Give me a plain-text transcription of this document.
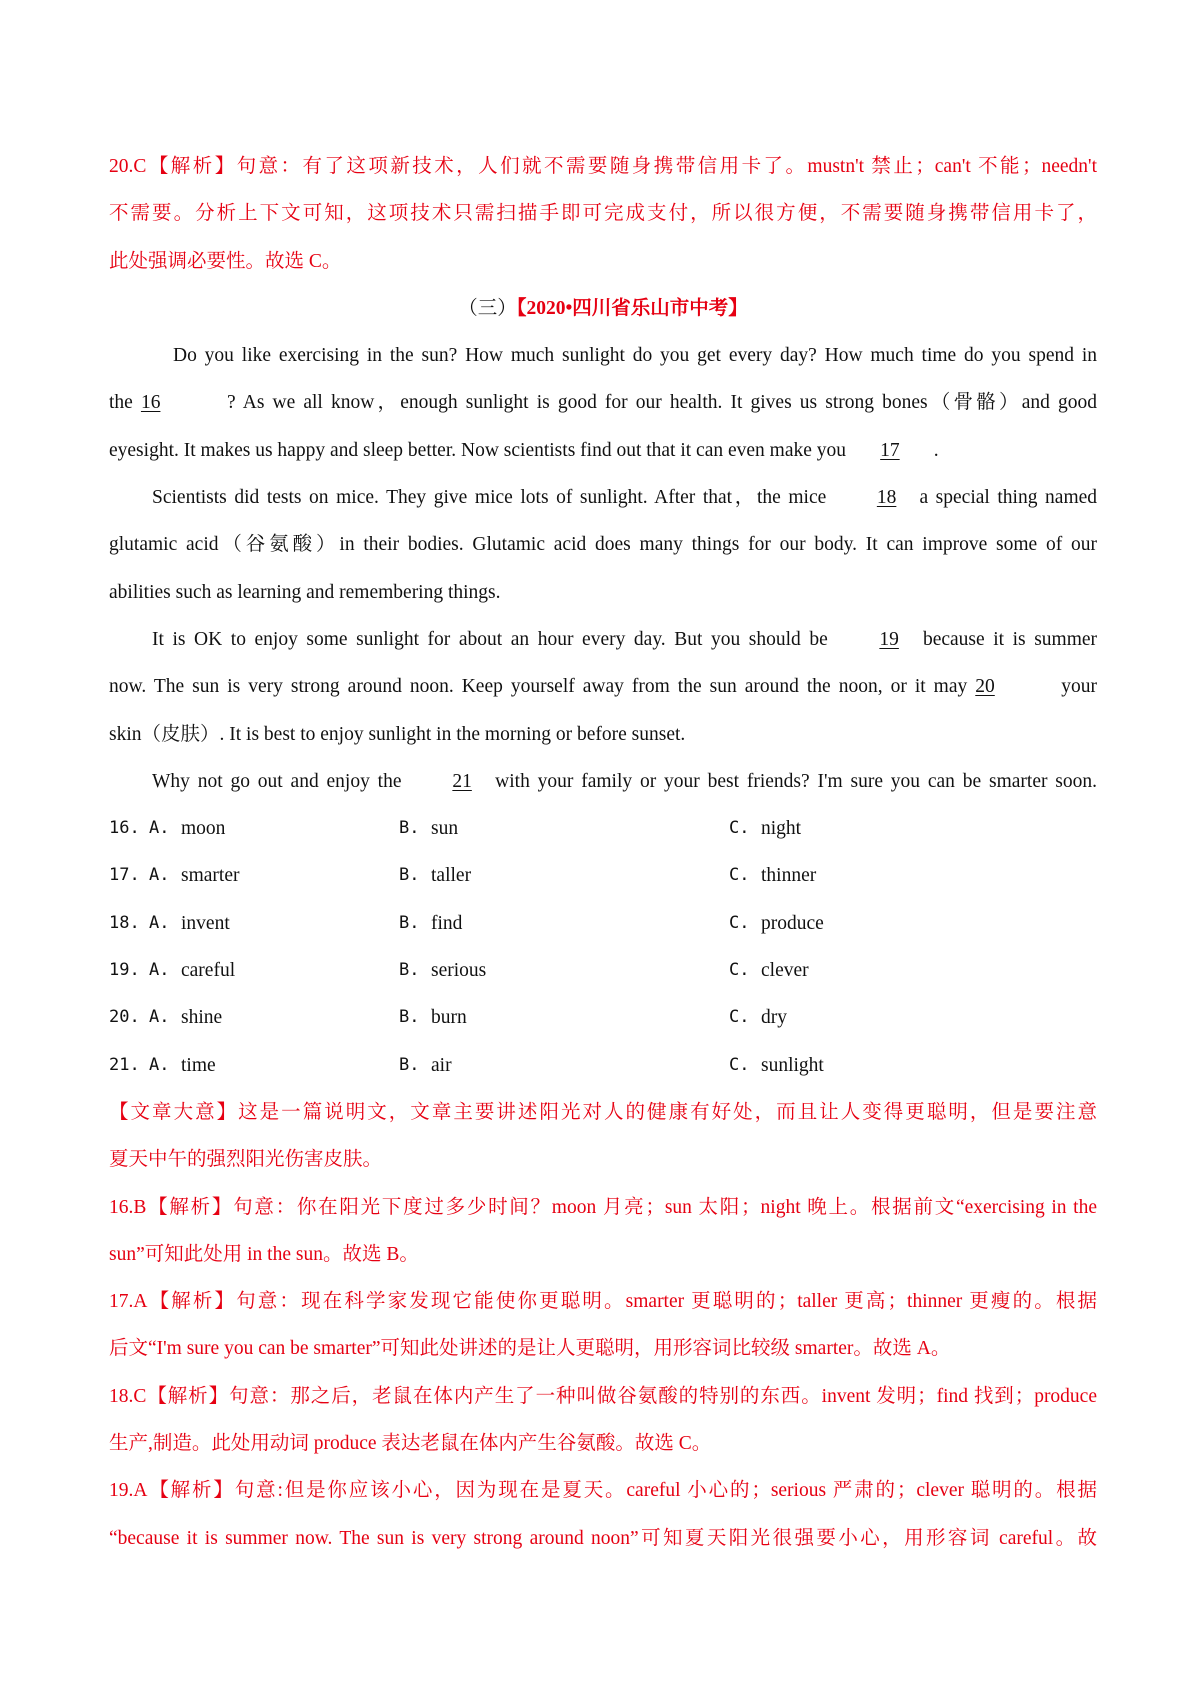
20.C【解析】句意：有了这项新技术，人们就不需要随身携带信用卡了。mustn't 禁止；can't 不能；needn't
不需要。分析上下文可知，这项技术只需扫描手即可完成支付，所以很方便，不需要随身携带信用卡了，
此处强调必要性。故选 C。
（三）【2020•四川省乐山市中考】
Do you like exercising in the sun? How much sunlight do you get every day? How much time do you spend in
the 16	? As we all know，enough sunlight is good for our health. It gives us strong bones（骨骼）and good
eyesight. It makes us happy and sleep better. Now scientists find out that it can even make you 17 .
Scientists did tests on mice. They give mice lots of sunlight. After that，the mice	18 a special thing named
glutamic acid（谷氨酸）in their bodies. Glutamic acid does many things for our body. It can improve some of our
abilities such as learning and remembering things.
It is OK to enjoy some sunlight for about an hour every day. But you should be	19 because it is summer
now. The sun is very strong around noon. Keep yourself away from the sun around the noon, or it may 20	your
skin（皮肤）. It is best to enjoy sunlight in the morning or before sunset.
Why not go out and enjoy the	21 with your family or your best friends? I'm sure you can be smarter soon.
16. A. moon	B. sun	C. night
17. A. smarter	B. taller	C. thinner
18. A. invent	B. find	C. produce
19. A. careful	B. serious	C. clever
20. A. shine	B. burn	C. dry
21. A. time	B. air	C. sunlight
【文章大意】这是一篇说明文，文章主要讲述阳光对人的健康有好处，而且让人变得更聪明，但是要注意
夏天中午的强烈阳光伤害皮肤。
16.B【解析】句意：你在阳光下度过多少时间？moon 月亮；sun 太阳；night 晚上。根据前文“exercising in the
sun”可知此处用 in the sun。故选 B。
17.A【解析】句意：现在科学家发现它能使你更聪明。smarter 更聪明的；taller 更高；thinner 更瘦的。根据
后文“I'm sure you can be smarter”可知此处讲述的是让人更聪明，用形容词比较级 smarter。故选 A。
18.C【解析】句意：那之后，老鼠在体内产生了一种叫做谷氨酸的特别的东西。invent 发明；find 找到；produce
生产,制造。此处用动词 produce 表达老鼠在体内产生谷氨酸。故选 C。
19.A【解析】句意:但是你应该小心，因为现在是夏天。careful 小心的；serious 严肃的；clever 聪明的。根据
“because it is summer now. The sun is very strong around noon”可知夏天阳光很强要小心，用形容词 careful。故
